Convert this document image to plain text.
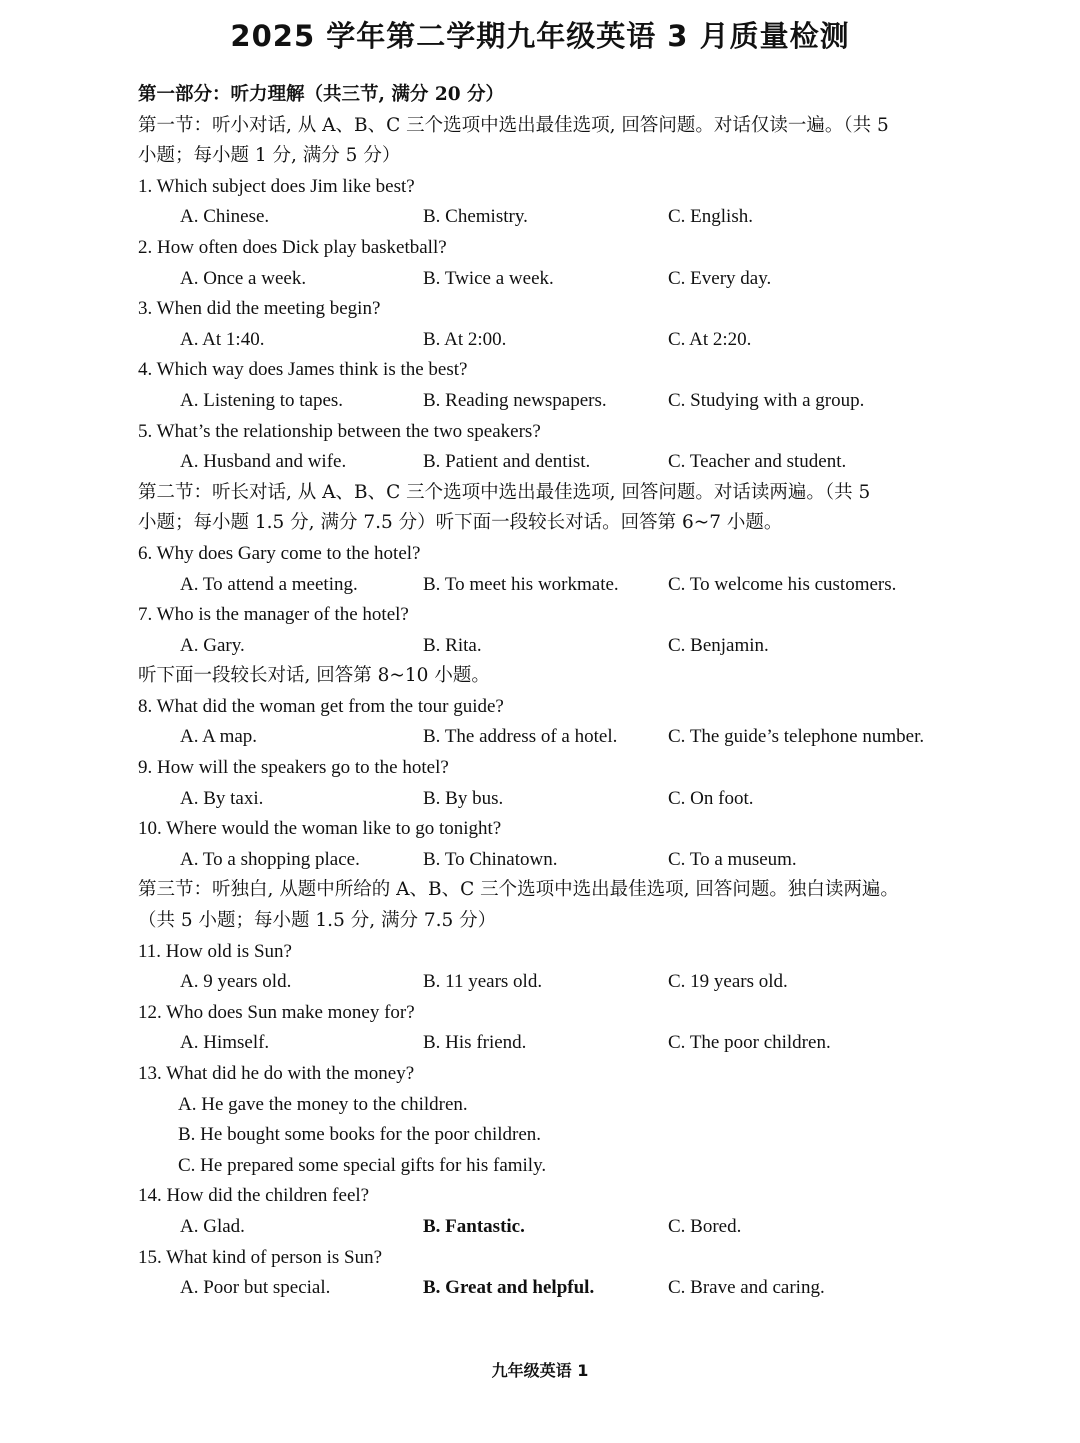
2025 学年第二学期九年级英语 3 月质量检测
第一部分：听力理解（共三节, 满分 20 分）
第一节：听小对话, 从 A、B、C 三个选项中选出最佳选项, 回答问题。对话仅读一遍。（共 5
小题；每小题 1 分, 满分 5 分）
1. Which subject does Jim like best?
A. Chinese.	B. Chemistry.	C. English.
2. How often does Dick play basketball?
A. Once a week.	B. Twice a week.	C. Every day.
3. When did the meeting begin?
A. At 1:40.	B. At 2:00.	C. At 2:20.
4. Which way does James think is the best?
A. Listening to tapes.	B. Reading newspapers.	C. Studying with a group.
5. What’s the relationship between the two speakers?
A. Husband and wife.	B. Patient and dentist.	C. Teacher and student.
第二节：听长对话, 从 A、B、C 三个选项中选出最佳选项, 回答问题。对话读两遍。（共 5
小题；每小题 1.5 分, 满分 7.5 分）听下面一段较长对话。回答第 6~7 小题。
6. Why does Gary come to the hotel?
A. To attend a meeting.	B. To meet his workmate.	C. To welcome his customers.
7. Who is the manager of the hotel?
A. Gary.	B. Rita.	C. Benjamin.
听下面一段较长对话, 回答第 8~10 小题。
8. What did the woman get from the tour guide?
A. A map.	B. The address of a hotel.	C. The guide’s telephone number.
9. How will the speakers go to the hotel?
A. By taxi.	B. By bus.	C. On foot.
10. Where would the woman like to go tonight?
A. To a shopping place.	B. To Chinatown.	C. To a museum.
第三节：听独白, 从题中所给的 A、B、C 三个选项中选出最佳选项, 回答问题。独白读两遍。
（共 5 小题；每小题 1.5 分, 满分 7.5 分）
11. How old is Sun?
A. 9 years old.	B. 11 years old.	C. 19 years old.
12. Who does Sun make money for?
A. Himself.	B. His friend.	C. The poor children.
13. What did he do with the money?
A. He gave the money to the children.
B. He bought some books for the poor children.
C. He prepared some special gifts for his family.
14. How did the children feel?
A. Glad.	B. Fantastic.	C. Bored.
15. What kind of person is Sun?
A. Poor but special.	B. Great and helpful.	C. Brave and caring.
九年级英语 1
